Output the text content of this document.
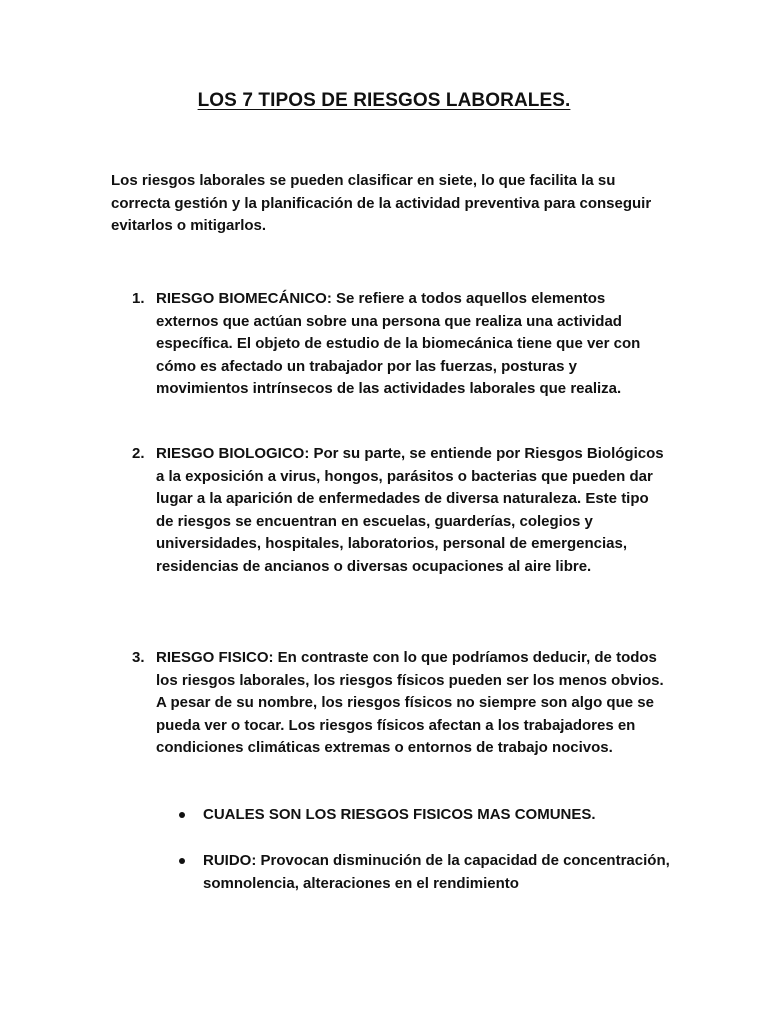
LOS 7 TIPOS DE RIESGOS LABORALES.
Los riesgos laborales se pueden clasificar en siete, lo que facilita la su correcta gestión y la planificación de la actividad preventiva para conseguir evitarlos o mitigarlos.
1. RIESGO BIOMECÁNICO: Se refiere a todos aquellos elementos externos que actúan sobre una persona que realiza una actividad específica. El objeto de estudio de la biomecánica tiene que ver con cómo es afectado un trabajador por las fuerzas, posturas y movimientos intrínsecos de las actividades laborales que realiza.
2. RIESGO BIOLOGICO: Por su parte, se entiende por Riesgos Biológicos a la exposición a virus, hongos, parásitos o bacterias que pueden dar lugar a la aparición de enfermedades de diversa naturaleza. Este tipo de riesgos se encuentran en escuelas, guarderías, colegios y universidades, hospitales, laboratorios, personal de emergencias, residencias de ancianos o diversas ocupaciones al aire libre.
3. RIESGO FISICO: En contraste con lo que podríamos deducir, de todos los riesgos laborales, los riesgos físicos pueden ser los menos obvios. A pesar de su nombre, los riesgos físicos no siempre son algo que se pueda ver o tocar. Los riesgos físicos afectan a los trabajadores en condiciones climáticas extremas o entornos de trabajo nocivos.
CUALES SON LOS RIESGOS FISICOS MAS COMUNES.
RUIDO: Provocan disminución de la capacidad de concentración, somnolencia, alteraciones en el rendimiento
